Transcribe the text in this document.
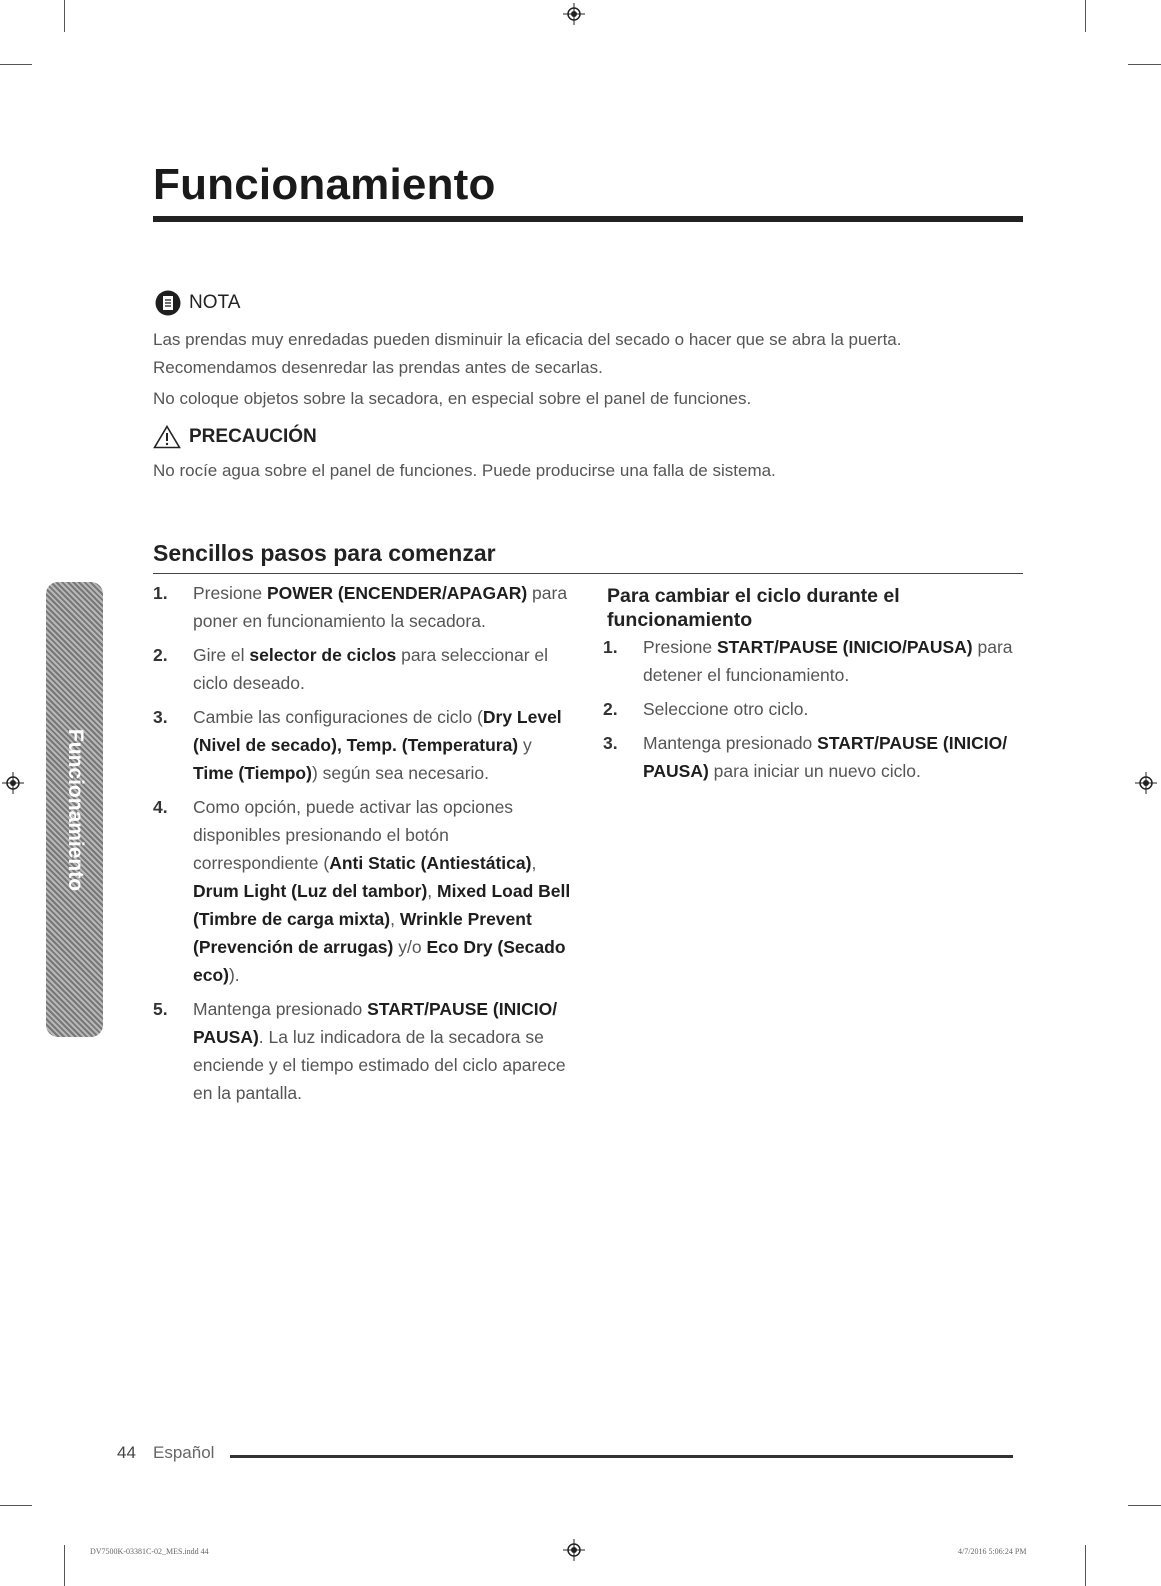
Funcionamiento
NOTA

Las prendas muy enredadas pueden disminuir la eficacia del secado o hacer que se abra la puerta.

Recomendamos desenredar las prendas antes de secarlas.

No coloque objetos sobre la secadora, en especial sobre el panel de funciones.

PRECAUCIÓN

No rocíe agua sobre el panel de funciones. Puede producirse una falla de sistema.

Sencillos pasos para comenzar
1. Presione POWER (ENCENDER/APAGAR) para poner en funcionamiento la secadora.
2. Gire el selector de ciclos para seleccionar el ciclo deseado.
3. Cambie las configuraciones de ciclo (Dry Level (Nivel de secado), Temp. (Temperatura) y Time (Tiempo)) según sea necesario.
4. Como opción, puede activar las opciones disponibles presionando el botón correspondiente (Anti Static (Antiestática), Drum Light (Luz del tambor), Mixed Load Bell (Timbre de carga mixta), Wrinkle Prevent (Prevención de arrugas) y/o Eco Dry (Secado eco)).
5. Mantenga presionado START/PAUSE (INICIO/ PAUSA). La luz indicadora de la secadora se enciende y el tiempo estimado del ciclo aparece en la pantalla.
Para cambiar el ciclo durante el funcionamiento
1. Presione START/PAUSE (INICIO/PAUSA) para detener el funcionamiento.
2. Seleccione otro ciclo.
3. Mantenga presionado START/PAUSE (INICIO/ PAUSA) para iniciar un nuevo ciclo.
Funcionamiento
44 Español
DV7500K-03381C-02_MES.indd 44	4/7/2016 5:06:24 PM
